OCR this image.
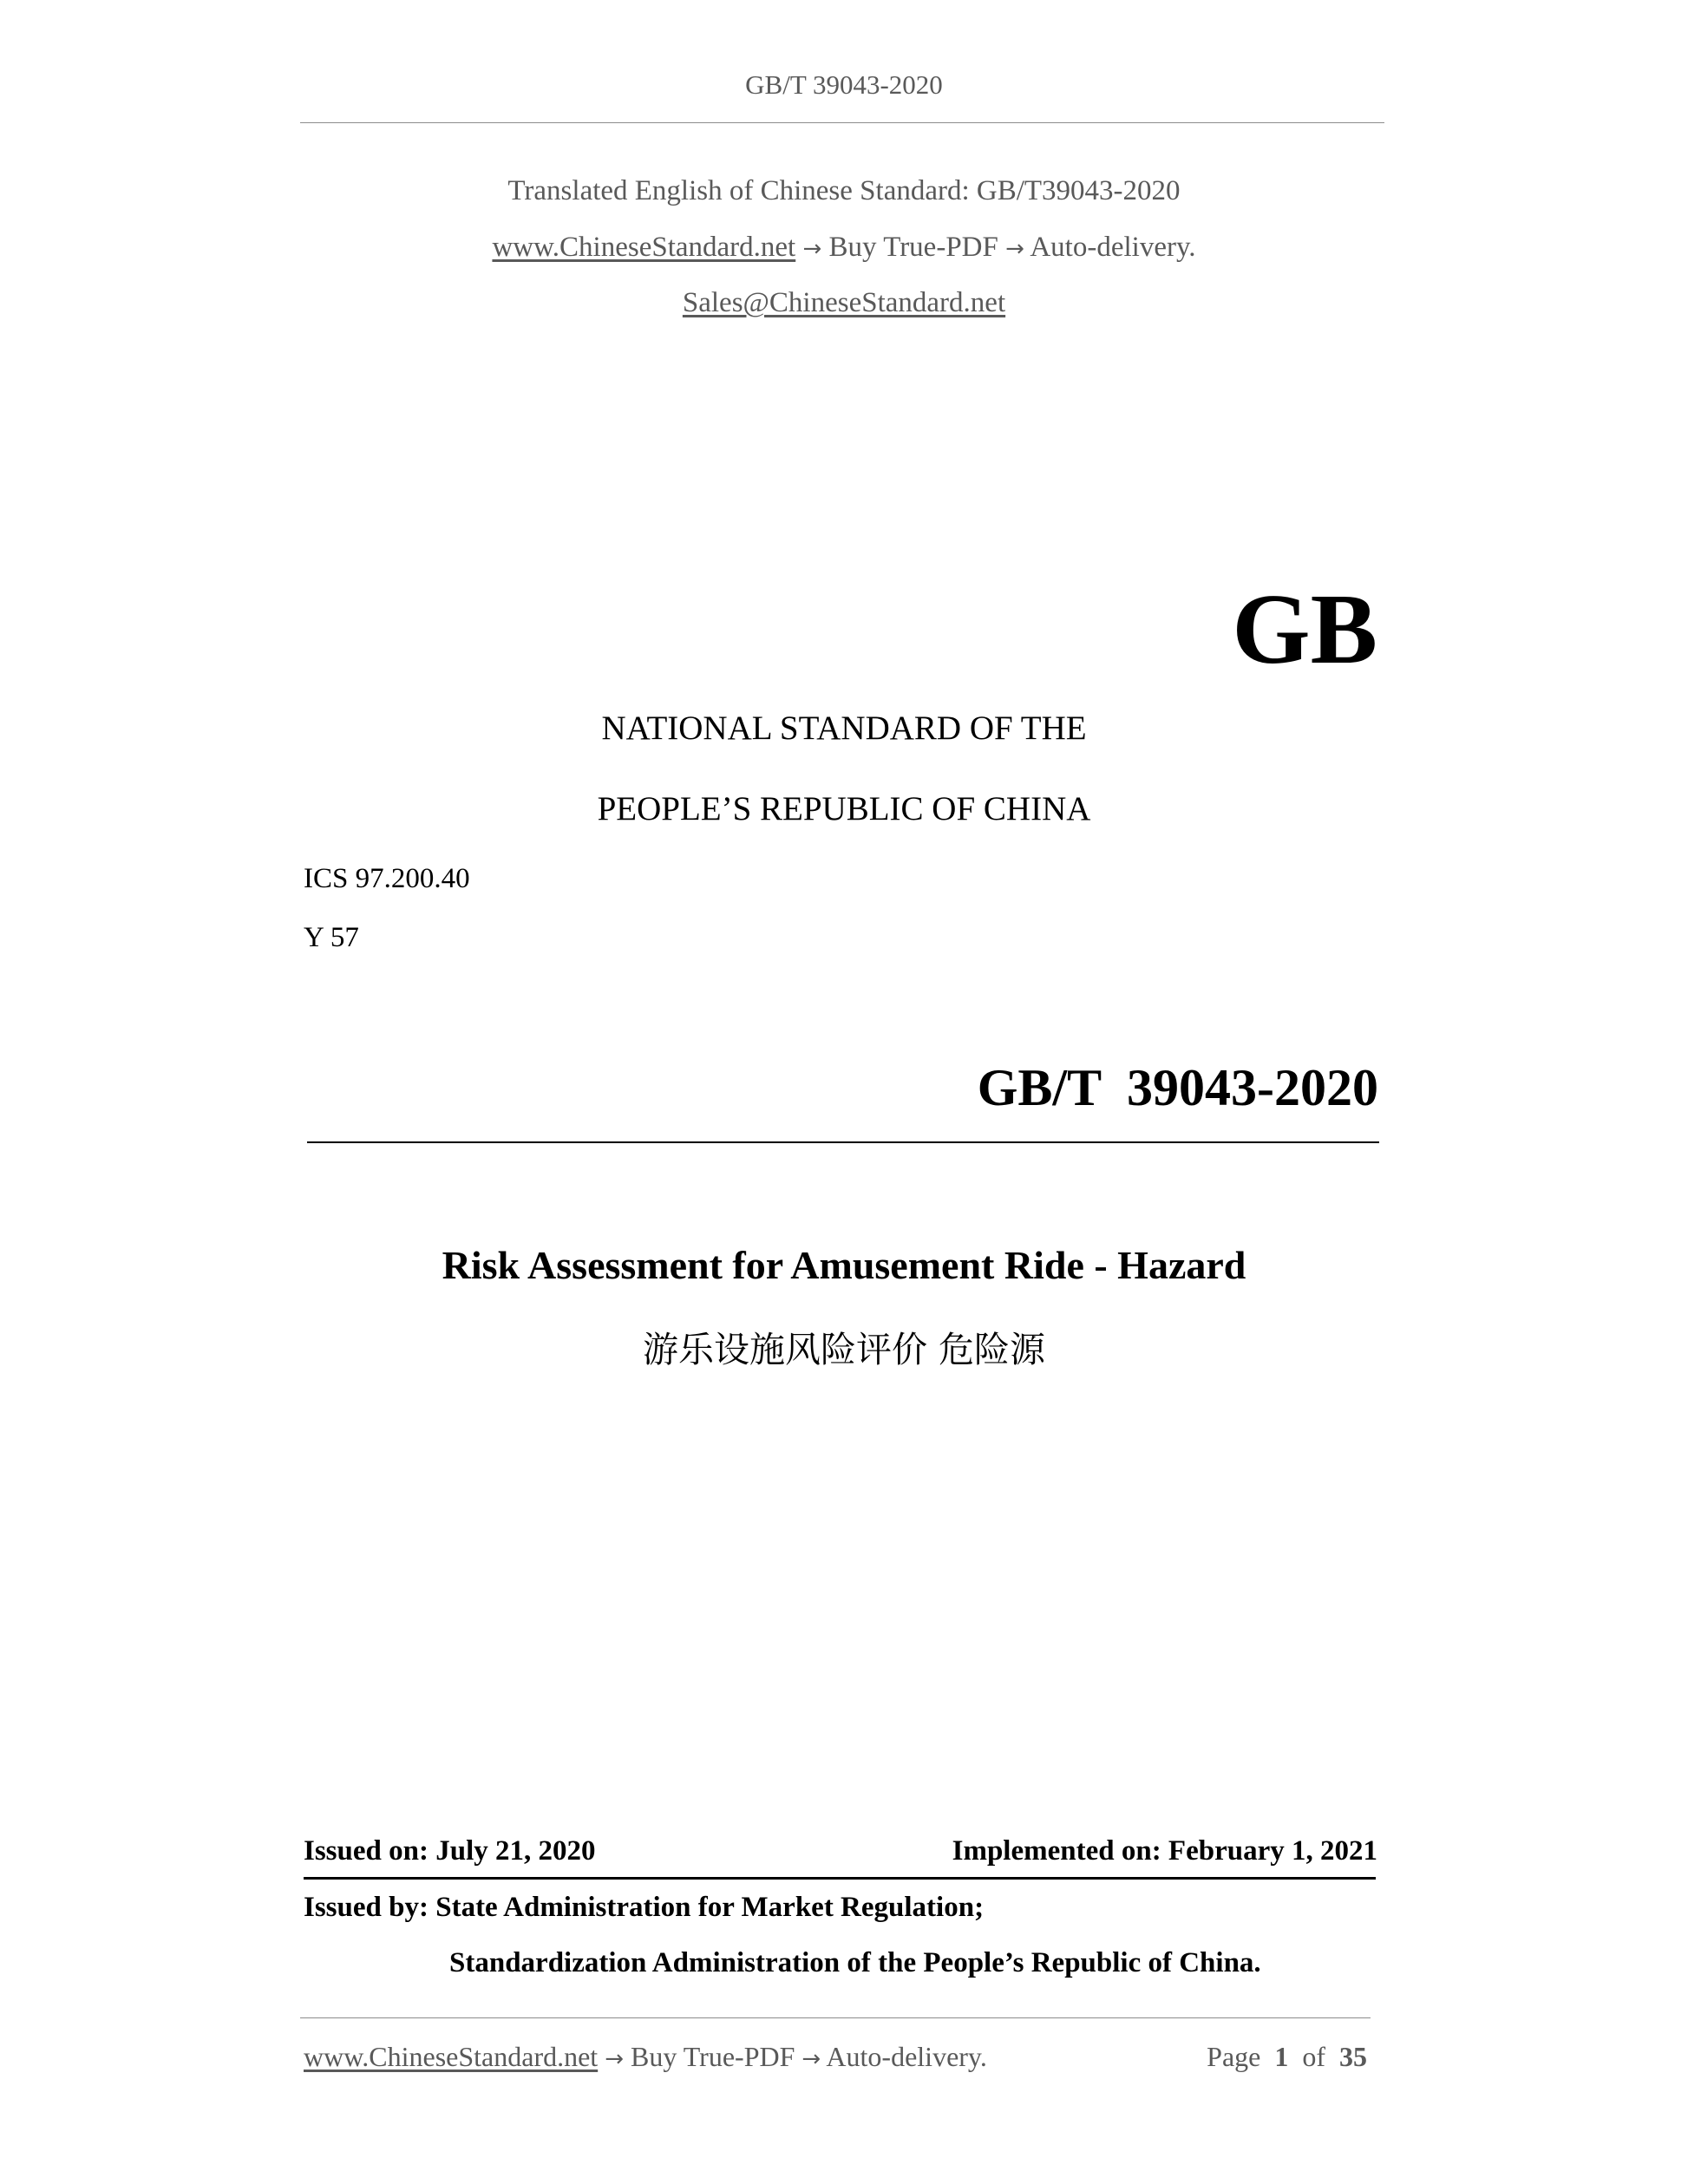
GB/T 39043-2020
Translated English of Chinese Standard: GB/T39043-2020
www.ChineseStandard.net → Buy True-PDF → Auto-delivery.
Sales@ChineseStandard.net
GB
NATIONAL STANDARD OF THE
PEOPLE’S REPUBLIC OF CHINA
ICS 97.200.40
Y 57
GB/T  39043-2020
Risk Assessment for Amusement Ride - Hazard
游乐设施风险评价 危险源
Issued on: July 21, 2020	Implemented on: February 1, 2021
Issued by: State Administration for Market Regulation;
Standardization Administration of the People’s Republic of China.
www.ChineseStandard.net → Buy True-PDF → Auto-delivery.	Page 1 of 35
